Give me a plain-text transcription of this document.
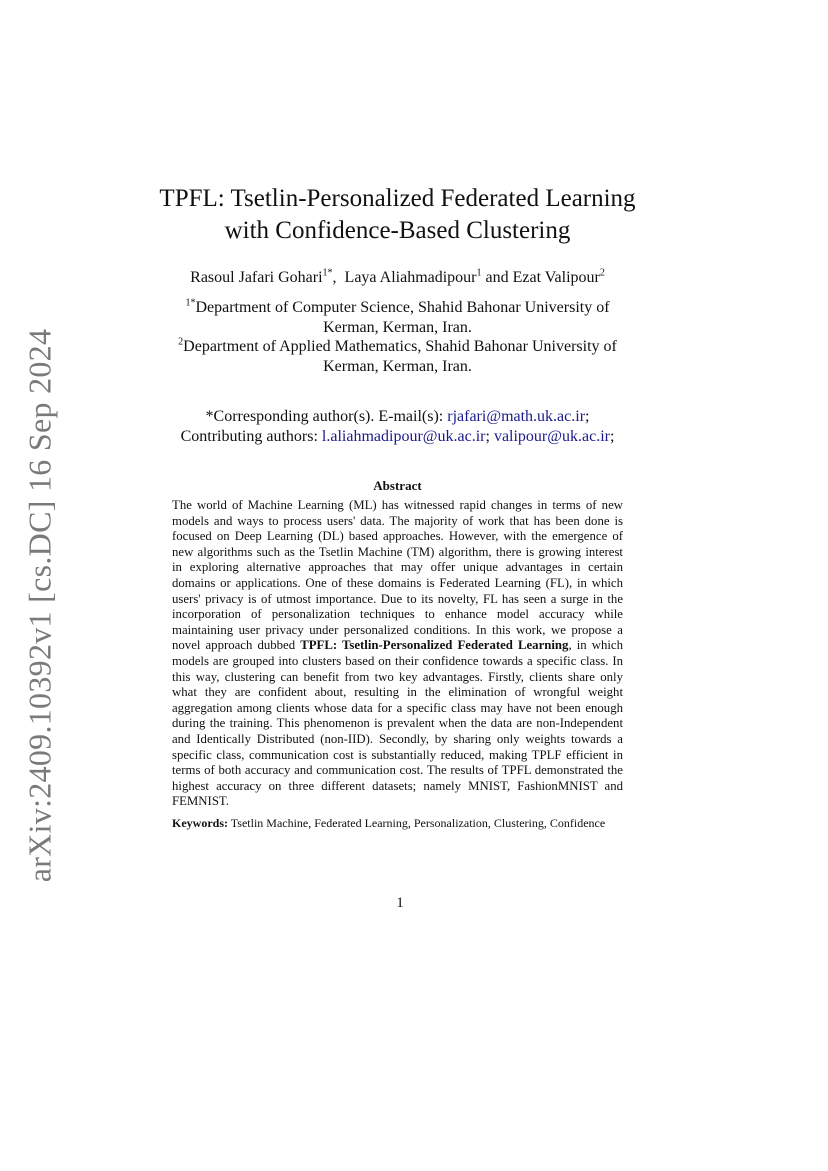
arXiv:2409.10392v1 [cs.DC] 16 Sep 2024
TPFL: Tsetlin-Personalized Federated Learning
with Confidence-Based Clustering
Rasoul Jafari Gohari$^{1*}$,  Laya Aliahmadipour$^1$ and Ezat Valipour$^2$
$^{1*}$Department of Computer Science, Shahid Bahonar University of
Kerman, Kerman, Iran.
$^2$Department of Applied Mathematics, Shahid Bahonar University of
Kerman, Kerman, Iran.
*Corresponding author(s). E-mail(s): rjafari@math.uk.ac.ir;
Contributing authors: l.aliahmadipour@uk.ac.ir; valipour@uk.ac.ir;
Abstract

The world of Machine Learning (ML) has witnessed rapid changes in terms of new models and ways to process users' data. The majority of work that has been done is focused on Deep Learning (DL) based approaches. However, with the emergence of new algorithms such as the Tsetlin Machine (TM) algorithm, there is growing interest in exploring alternative approaches that may offer unique advantages in certain domains or applications. One of these domains is Federated Learning (FL), in which users' privacy is of utmost importance. Due to its novelty, FL has seen a surge in the incorporation of personalization techniques to enhance model accuracy while maintaining user privacy under personalized conditions. In this work, we propose a novel approach dubbed TPFL: Tsetlin-Personalized Federated Learning, in which models are grouped into clusters based on their confidence towards a specific class. In this way, clustering can benefit from two key advantages. Firstly, clients share only what they are confident about, resulting in the elimination of wrongful weight aggregation among clients whose data for a specific class may have not been enough during the training. This phenomenon is prevalent when the data are non-Independent and Identically Distributed (non-IID). Secondly, by sharing only weights towards a specific class, communication cost is substantially reduced, making TPLF efficient in terms of both accuracy and communication cost. The results of TPFL demonstrated the highest accuracy on three different datasets; namely MNIST, FashionMNIST and FEMNIST.

Keywords: Tsetlin Machine, Federated Learning, Personalization, Clustering, Confidence
1
